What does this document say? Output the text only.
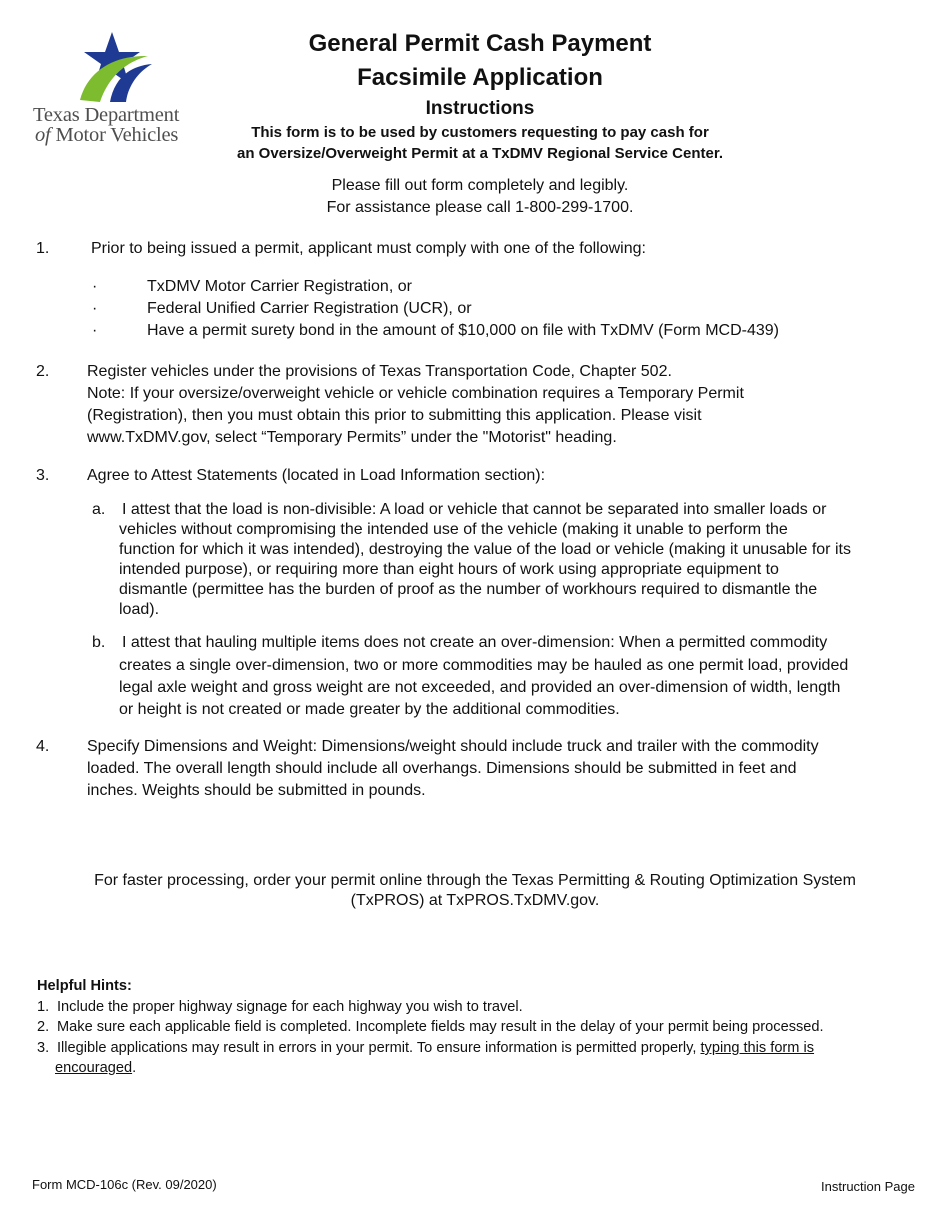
Texas Department
of Motor Vehicles
General Permit Cash Payment
Facsimile Application
Instructions
This form is to be used by customers requesting to pay cash for
an Oversize/Overweight Permit at a TxDMV Regional Service Center.
Please fill out form completely and legibly.
For assistance please call 1-800-299-1700.
1.	Prior to being issued a permit, applicant must comply with one of the following:
·	TxDMV Motor Carrier Registration, or
·	Federal Unified Carrier Registration (UCR), or
·	Have a permit surety bond in the amount of $10,000 on file with TxDMV (Form MCD-439)
2. Register vehicles under the provisions of Texas Transportation Code, Chapter 502.
Note: If your oversize/overweight vehicle or vehicle combination requires a Temporary Permit
(Registration), then you must obtain this prior to submitting this application. Please visit
www.TxDMV.gov, select “Temporary Permits” under the "Motorist" heading.
3. Agree to Attest Statements (located in Load Information section):
a. I attest that the load is non-divisible: A load or vehicle that cannot be separated into smaller loads or
vehicles without compromising the intended use of the vehicle (making it unable to perform the
function for which it was intended), destroying the value of the load or vehicle (making it unusable for its
intended purpose), or requiring more than eight hours of work using appropriate equipment to
dismantle (permittee has the burden of proof as the number of workhours required to dismantle the
load).
b. I attest that hauling multiple items does not create an over-dimension: When a permitted commodity
creates a single over-dimension, two or more commodities may be hauled as one permit load, provided
legal axle weight and gross weight are not exceeded, and provided an over-dimension of width, length
or height is not created or made greater by the additional commodities.
4. Specify Dimensions and Weight: Dimensions/weight should include truck and trailer with the commodity
loaded. The overall length should include all overhangs. Dimensions should be submitted in feet and
inches. Weights should be submitted in pounds.
For faster processing, order your permit online through the Texas Permitting & Routing Optimization System
(TxPROS) at TxPROS.TxDMV.gov.
Helpful Hints:
1. Include the proper highway signage for each highway you wish to travel.
2. Make sure each applicable field is completed. Incomplete fields may result in the delay of your permit being processed.
3. Illegible applications may result in errors in your permit. To ensure information is permitted properly, typing this form is
encouraged.
Form MCD-106c (Rev. 09/2020)	Instruction Page
